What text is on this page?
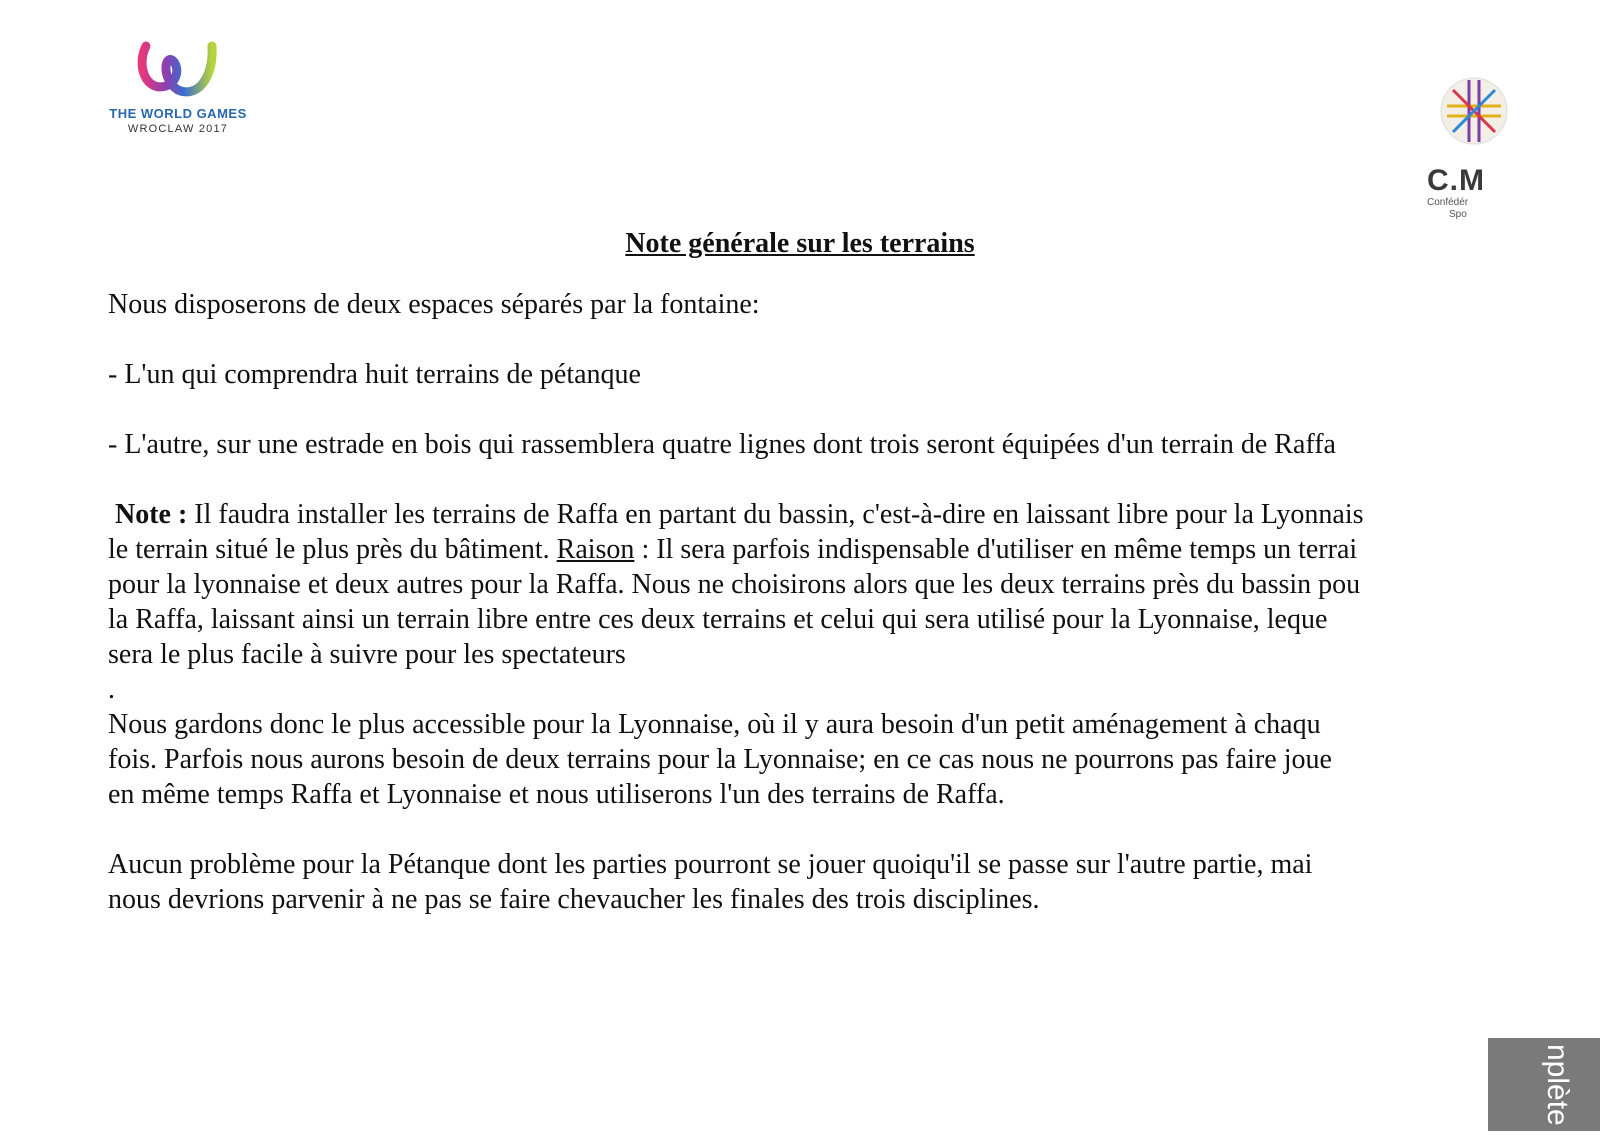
THE WORLD GAMES
WROCLAW 2017
C.M
Confédér
Spo
Note générale sur les terrains

Nous disposerons de deux espaces séparés par la fontaine:

- L'un qui comprendra huit terrains de pétanque

- L'autre, sur une estrade en bois qui rassemblera quatre lignes dont trois seront équipées d'un terrain de Raffa

Note : Il faudra installer les terrains de Raffa en partant du bassin, c'est-à-dire en laissant libre pour la Lyonnais
le terrain situé le plus près du bâtiment. Raison : Il sera parfois indispensable d'utiliser en même temps un terrai
pour la lyonnaise et deux autres pour la Raffa. Nous ne choisirons alors que les deux terrains près du bassin pou
la Raffa, laissant ainsi un terrain libre entre ces deux terrains et celui qui sera utilisé pour la Lyonnaise, leque
sera le plus facile à suivre pour les spectateurs
.
Nous gardons donc le plus accessible pour la Lyonnaise, où il y aura besoin d'un petit aménagement à chaqu
fois. Parfois nous aurons besoin de deux terrains pour la Lyonnaise; en ce cas nous ne pourrons pas faire joue
en même temps Raffa et Lyonnaise et nous utiliserons l'un des terrains de Raffa.
Aucun problème pour la Pétanque dont les parties pourront se jouer quoiqu'il se passe sur l'autre partie, mai
nous devrions parvenir à ne pas se faire chevaucher les finales des trois disciplines.
nplète r
